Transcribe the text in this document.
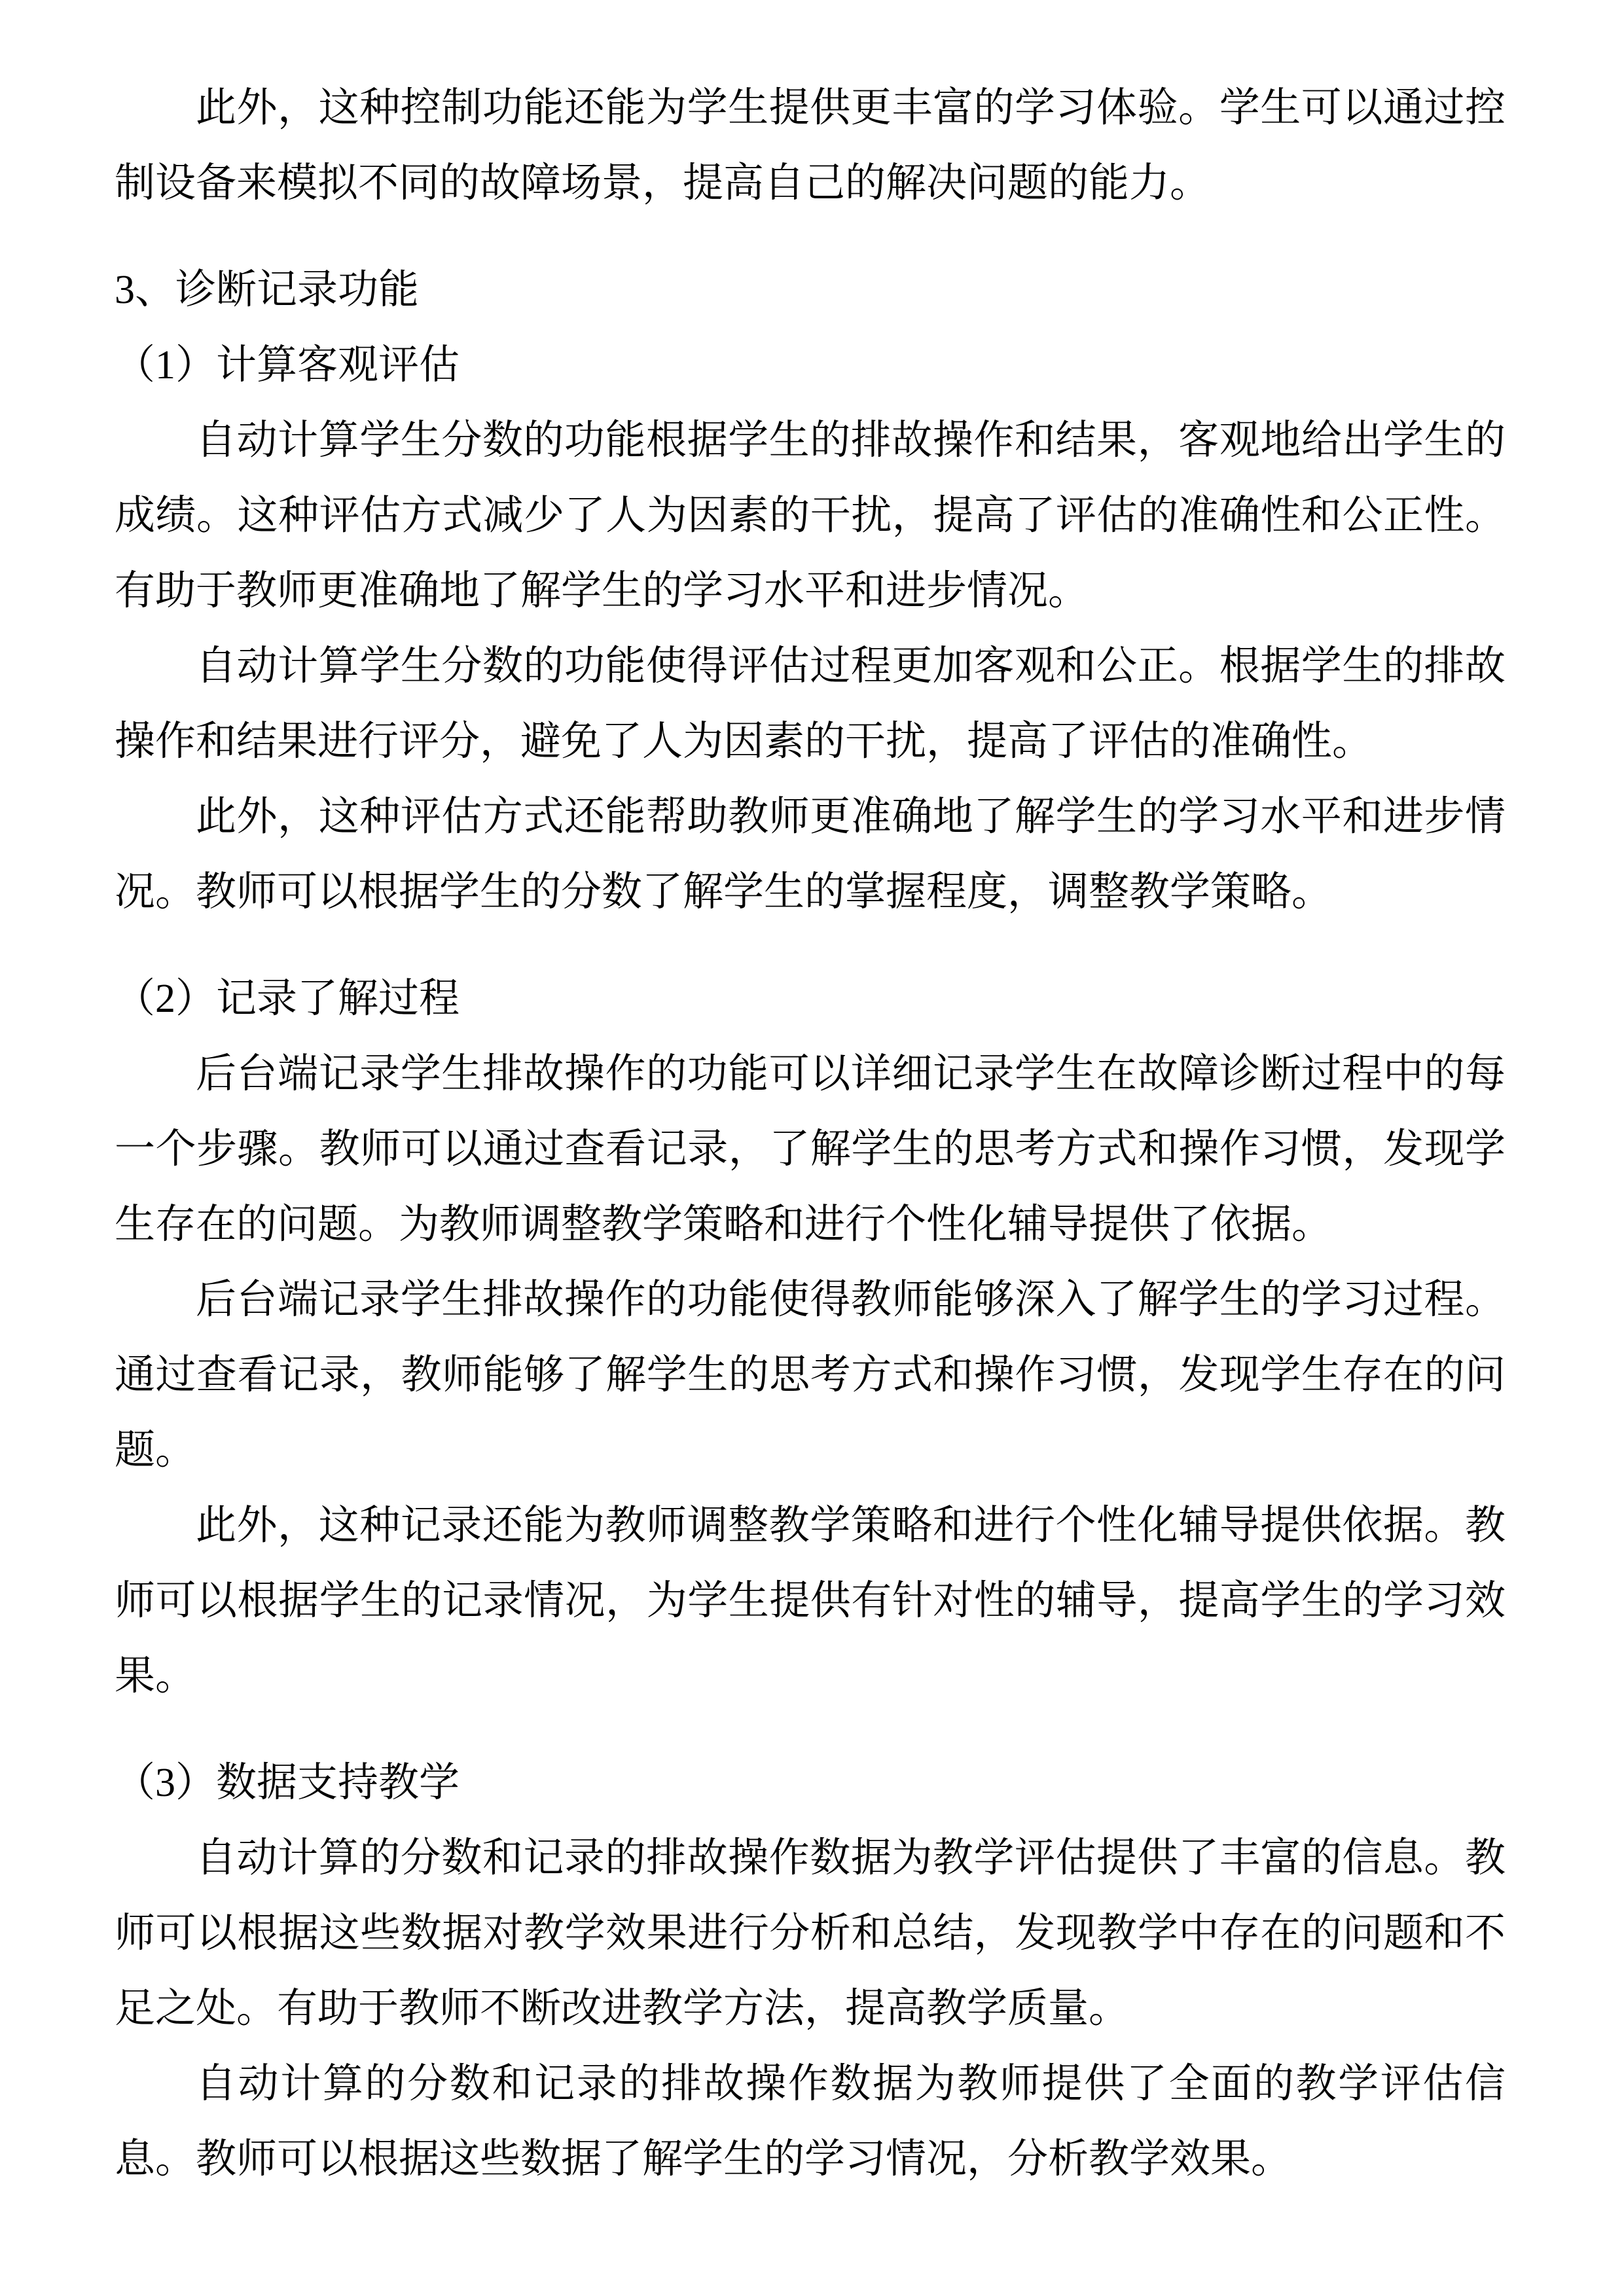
此外，这种控制功能还能为学生提供更丰富的学习体验。学生可以通过控制设备来模拟不同的故障场景，提高自己的解决问题的能力。

3、诊断记录功能

（1）计算客观评估

自动计算学生分数的功能根据学生的排故操作和结果，客观地给出学生的成绩。这种评估方式减少了人为因素的干扰，提高了评估的准确性和公正性。有助于教师更准确地了解学生的学习水平和进步情况。

自动计算学生分数的功能使得评估过程更加客观和公正。根据学生的排故操作和结果进行评分，避免了人为因素的干扰，提高了评估的准确性。

此外，这种评估方式还能帮助教师更准确地了解学生的学习水平和进步情况。教师可以根据学生的分数了解学生的掌握程度，调整教学策略。

（2）记录了解过程

后台端记录学生排故操作的功能可以详细记录学生在故障诊断过程中的每一个步骤。教师可以通过查看记录，了解学生的思考方式和操作习惯，发现学生存在的问题。为教师调整教学策略和进行个性化辅导提供了依据。

后台端记录学生排故操作的功能使得教师能够深入了解学生的学习过程。通过查看记录，教师能够了解学生的思考方式和操作习惯，发现学生存在的问题。

此外，这种记录还能为教师调整教学策略和进行个性化辅导提供依据。教师可以根据学生的记录情况，为学生提供有针对性的辅导，提高学生的学习效果。

（3）数据支持教学

自动计算的分数和记录的排故操作数据为教学评估提供了丰富的信息。教师可以根据这些数据对教学效果进行分析和总结，发现教学中存在的问题和不足之处。有助于教师不断改进教学方法，提高教学质量。

自动计算的分数和记录的排故操作数据为教师提供了全面的教学评估信息。教师可以根据这些数据了解学生的学习情况，分析教学效果。
